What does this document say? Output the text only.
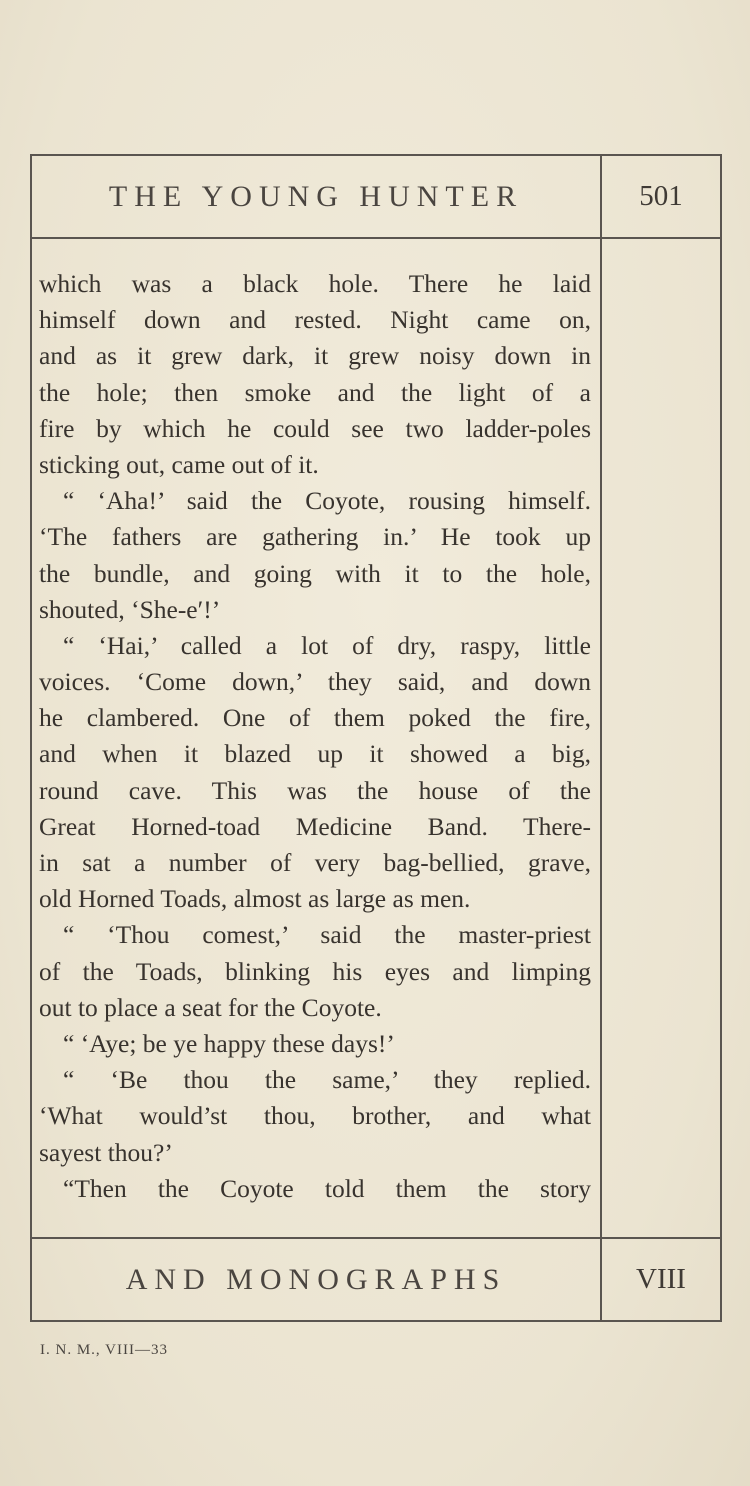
THE YOUNG HUNTER	501
which was a black hole. There he laid
himself down and rested. Night came on,
and as it grew dark, it grew noisy down in
the hole; then smoke and the light of a
fire by which he could see two ladder-poles
sticking out, came out of it.
“ ‘Aha!’ said the Coyote, rousing himself.
‘The fathers are gathering in.’ He took up
the bundle, and going with it to the hole,
shouted, ‘She-e′!’
“ ‘Hai,’ called a lot of dry, raspy, little
voices. ‘Come down,’ they said, and down
he clambered. One of them poked the fire,
and when it blazed up it showed a big,
round cave. This was the house of the
Great Horned-toad Medicine Band. There-
in sat a number of very bag-bellied, grave,
old Horned Toads, almost as large as men.
“ ‘Thou comest,’ said the master-priest
of the Toads, blinking his eyes and limping
out to place a seat for the Coyote.
“ ‘Aye; be ye happy these days!’
“ ‘Be thou the same,’ they replied.
‘What would’st thou, brother, and what
sayest thou?’
“Then the Coyote told them the story
AND MONOGRAPHS	VIII
I. N. M., VIII—33
